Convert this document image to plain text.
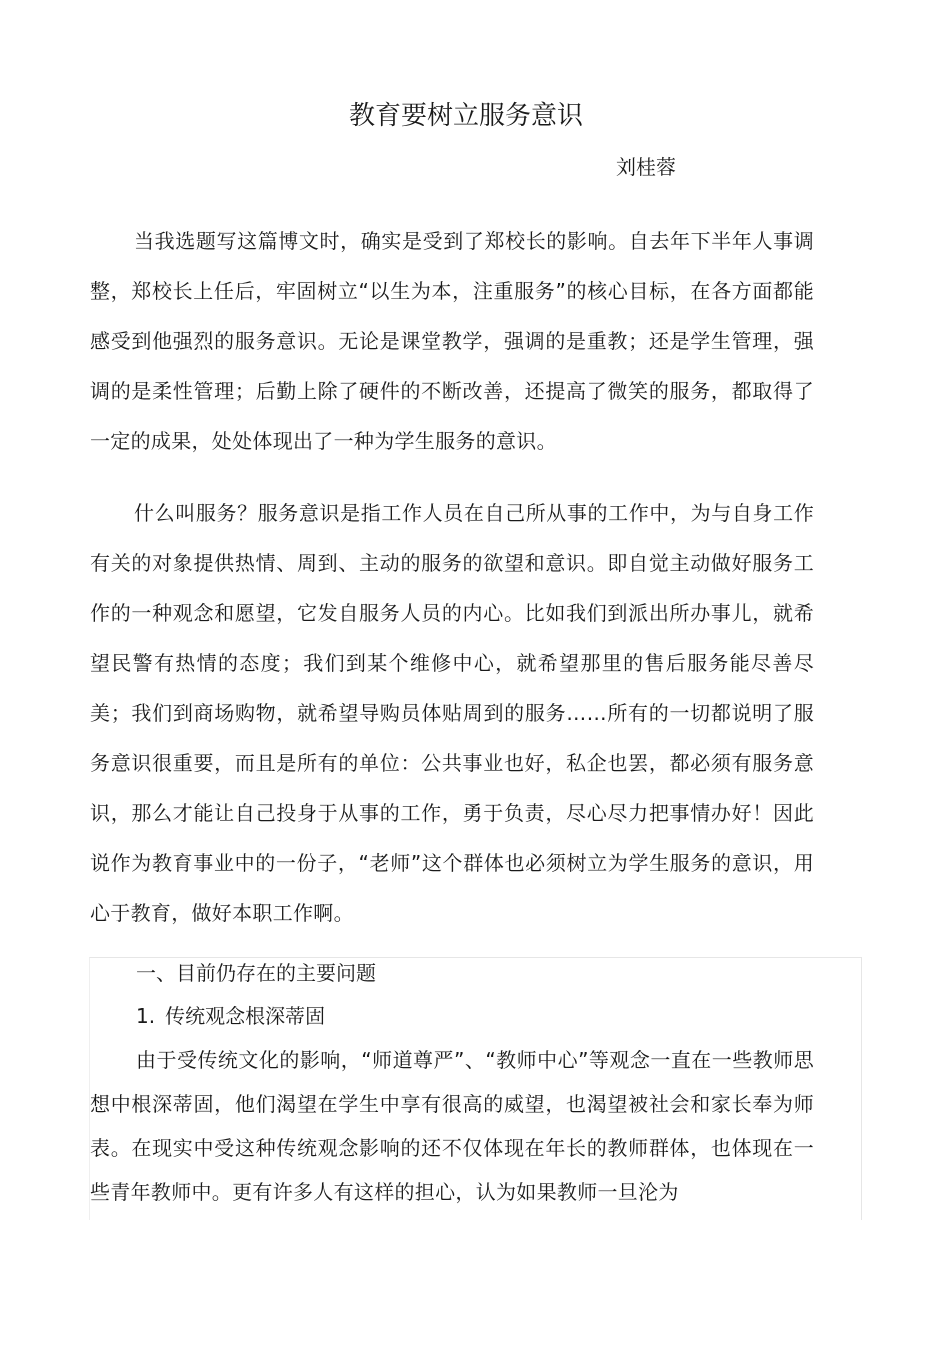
教育要树立服务意识
刘桂蓉

当我选题写这篇博文时，确实是受到了郑校长的影响。自去年下半年人事调整，郑校长上任后，牢固树立“以生为本，注重服务”的核心目标，在各方面都能感受到他强烈的服务意识。无论是课堂教学，强调的是重教；还是学生管理，强调的是柔性管理；后勤上除了硬件的不断改善，还提高了微笑的服务，都取得了一定的成果，处处体现出了一种为学生服务的意识。

什么叫服务？服务意识是指工作人员在自己所从事的工作中，为与自身工作有关的对象提供热情、周到、主动的服务的欲望和意识。即自觉主动做好服务工作的一种观念和愿望，它发自服务人员的内心。比如我们到派出所办事儿，就希望民警有热情的态度；我们到某个维修中心，就希望那里的售后服务能尽善尽美；我们到商场购物，就希望导购员体贴周到的服务……所有的一切都说明了服务意识很重要，而且是所有的单位：公共事业也好，私企也罢，都必须有服务意识，那么才能让自己投身于从事的工作，勇于负责，尽心尽力把事情办好！因此说作为教育事业中的一份子，“老师”这个群体也必须树立为学生服务的意识，用心于教育，做好本职工作啊。

一、目前仍存在的主要问题

1. 传统观念根深蒂固

由于受传统文化的影响，“师道尊严”、“教师中心”等观念一直在一些教师思想中根深蒂固，他们渴望在学生中享有很高的威望，也渴望被社会和家长奉为师表。在现实中受这种传统观念影响的还不仅体现在年长的教师群体，也体现在一些青年教师中。更有许多人有这样的担心，认为如果教师一旦沦为
